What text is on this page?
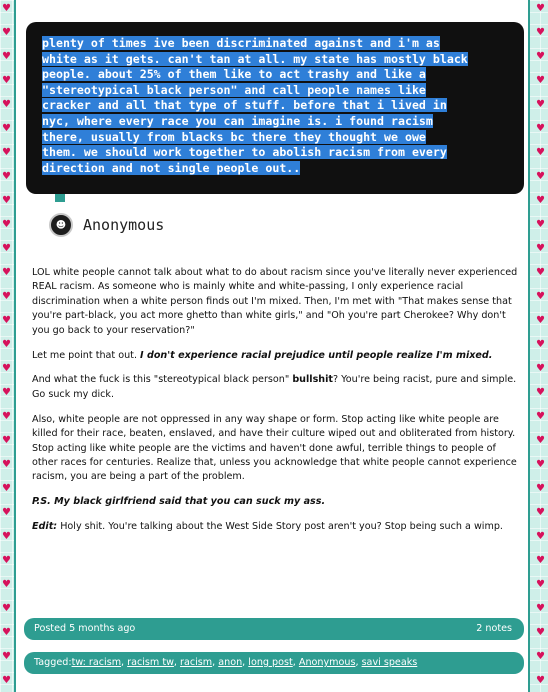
♥
♥
♥
♥
♥
♥
♥
♥
♥
♥
♥
♥
♥
♥
♥
♥
♥
♥
♥
♥
♥
♥
♥
♥
♥
♥
♥
♥
♥
♥
♥
♥
♥
♥
♥
♥
♥
♥
♥
♥
♥
♥
♥
♥
♥
♥
♥
♥
♥
♥
♥
♥
♥
♥
♥
♥
♥
♥
plenty of times ive been discriminated against and i'm as
white as it gets. can't tan at all. my state has mostly black
people. about 25% of them like to act trashy and like a
"stereotypical black person" and call people names like
cracker and all that type of stuff. before that i lived in
nyc, where every race you can imagine is. i found racism
there, usually from blacks bc there they thought we owe
them. we should work together to abolish racism from every
direction and not single people out..
☻	Anonymous

LOL white people cannot talk about what to do about racism since you've literally never experienced REAL racism. As someone who is mainly white and white-passing, I only experience racial discrimination when a white person finds out I'm mixed. Then, I'm met with "That makes sense that you're part-black, you act more ghetto than white girls," and "Oh you're part Cherokee? Why don't you go back to your reservation?"

Let me point that out. I don't experience racial prejudice until people realize I'm mixed.

And what the fuck is this "stereotypical black person" bullshit? You're being racist, pure and simple. Go suck my dick.

Also, white people are not oppressed in any way shape or form. Stop acting like white people are killed for their race, beaten, enslaved, and have their culture wiped out and obliterated from history. Stop acting like white people are the victims and haven't done awful, terrible things to people of other races for centuries. Realize that, unless you acknowledge that white people cannot experience racism, you are being a part of the problem.

P.S. My black girlfriend said that you can suck my ass.

Edit: Holy shit. You're talking about the West Side Story post aren't you? Stop being such a wimp.

Posted 5 months ago	2 notes
Tagged: tw: racism , racism tw , racism , anon , long post , Anonymous , savi speaks
